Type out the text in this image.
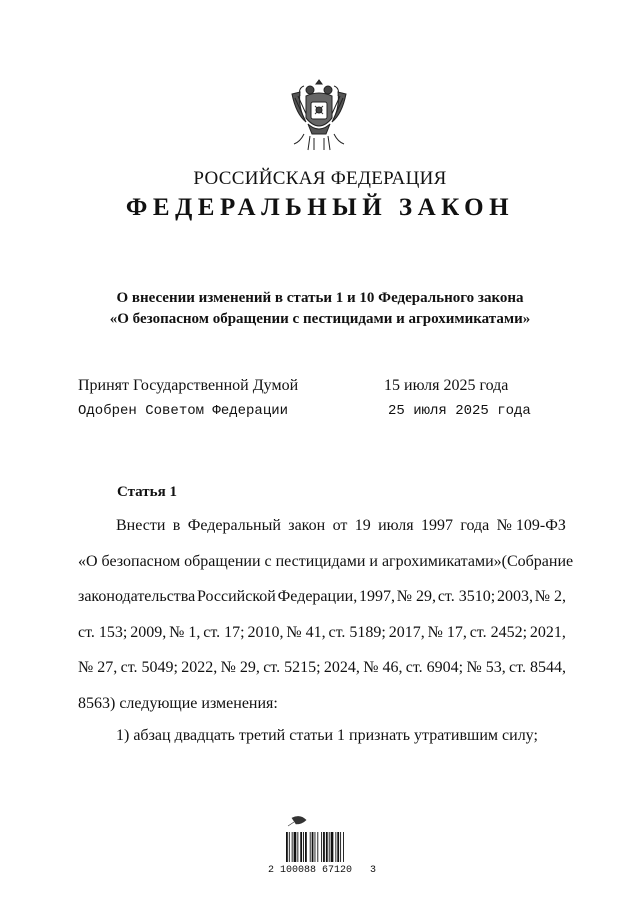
РОССИЙСКАЯ ФЕДЕРАЦИЯ
ФЕДЕРАЛЬНЫЙ ЗАКОН
О внесении изменений в статьи 1 и 10 Федерального закона
«О безопасном обращении с пестицидами и агрохимикатами»
Принят Государственной Думой	15 июля 2025 года
Одобрен Советом Федерации	25 июля 2025 года
Статья 1
Внести в Федеральный закон от 19 июля 1997 года № 109-ФЗ
«О безопасном обращении с пестицидами и агрохимикатами» (Собрание
законодательства Российской Федерации, 1997, № 29, ст. 3510; 2003, № 2,
ст. 153; 2009, № 1, ст. 17; 2010, № 41, ст. 5189; 2017, № 17, ст. 2452; 2021,
№ 27, ст. 5049; 2022, № 29, ст. 5215; 2024, № 46, ст. 6904; № 53, ст. 8544,
8563) следующие изменения:
1) абзац двадцать третий статьи 1 признать утратившим силу;
2 100088 67120   3
